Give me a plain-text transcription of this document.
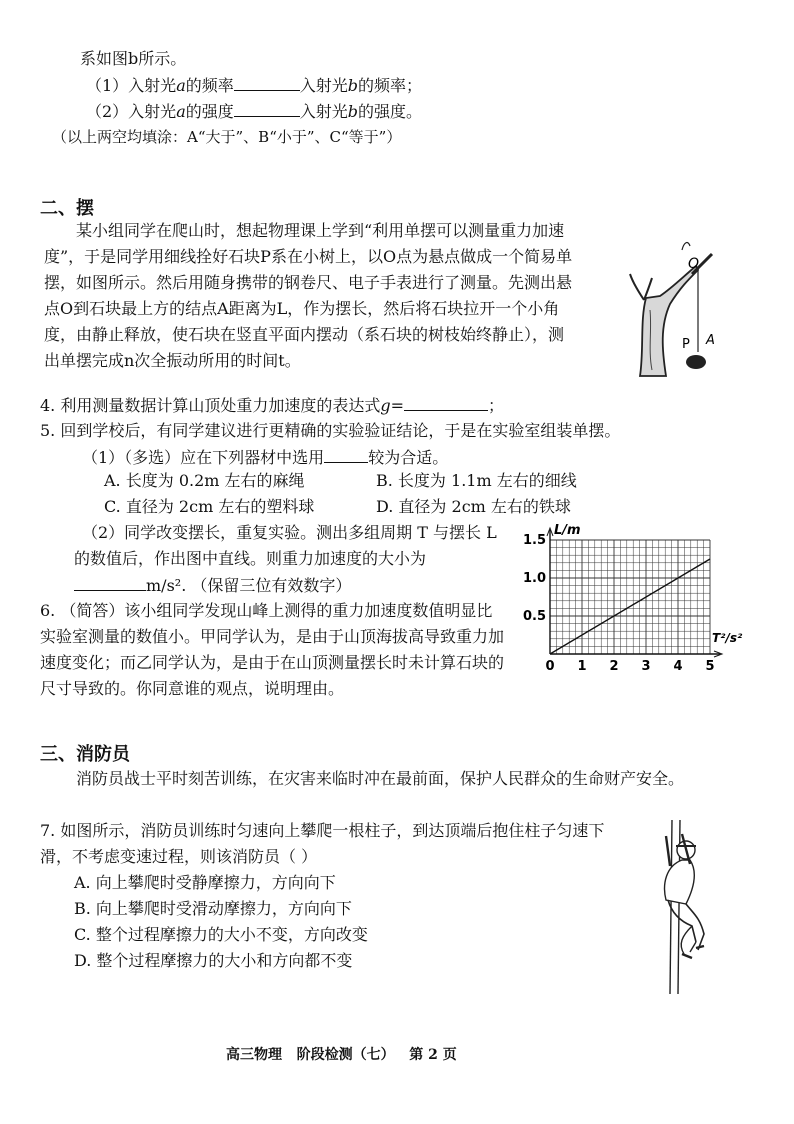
系如图b所示。
（1）入射光a的频率	入射光b的频率；
（2）入射光a的强度	入射光b的强度。
（以上两空均填涂：A“大于”、B“小于”、C“等于”）
二、摆
某小组同学在爬山时，想起物理课上学到“利用单摆可以测量重力加速度”，于是同学用细线拴好石块P系在小树上，以O点为悬点做成一个简易单摆，如图所示。然后用随身携带的钢卷尺、电子手表进行了测量。先测出悬点O到石块最上方的结点A距离为L，作为摆长，然后将石块拉开一个小角度，由静止释放，使石块在竖直平面内摆动（系石块的树枝始终静止），测出单摆完成n次全振动所用的时间t。
O
P A
4. 利用测量数据计算山顶处重力加速度的表达式g=	；
5. 回到学校后，有同学建议进行更精确的实验验证结论，于是在实验室组装单摆。
（1）（多选）应在下列器材中选用	较为合适。
A. 长度为 0.2m 左右的麻绳	B. 长度为 1.1m 左右的细线
C. 直径为 2cm 左右的塑料球	D. 直径为 2cm 左右的铁球
（2）同学改变摆长，重复实验。测出多组周期 T 与摆长 L
的数值后，作出图中直线。则重力加速度的大小为
m/s². （保留三位有效数字）
6. （简答）该小组同学发现山峰上测得的重力加速度数值明显比实验室测量的数值小。甲同学认为，是由于山顶海拔高导致重力加速度变化；而乙同学认为，是由于在山顶测量摆长时未计算石块的尺寸导致的。你同意谁的观点，说明理由。
0 1 2 3 4 5
0.5
1.0
1.5
L/m
T²/s²
三、消防员
消防员战士平时刻苦训练，在灾害来临时冲在最前面，保护人民群众的生命财产安全。
7. 如图所示，消防员训练时匀速向上攀爬一根柱子，到达顶端后抱住柱子匀速下滑，不考虑变速过程，则该消防员（ ）
A. 向上攀爬时受静摩擦力，方向向下
B. 向上攀爬时受滑动摩擦力，方向向下
C. 整个过程摩擦力的大小不变，方向改变
D. 整个过程摩擦力的大小和方向都不变
高三物理 阶段检测（七） 第 2 页
